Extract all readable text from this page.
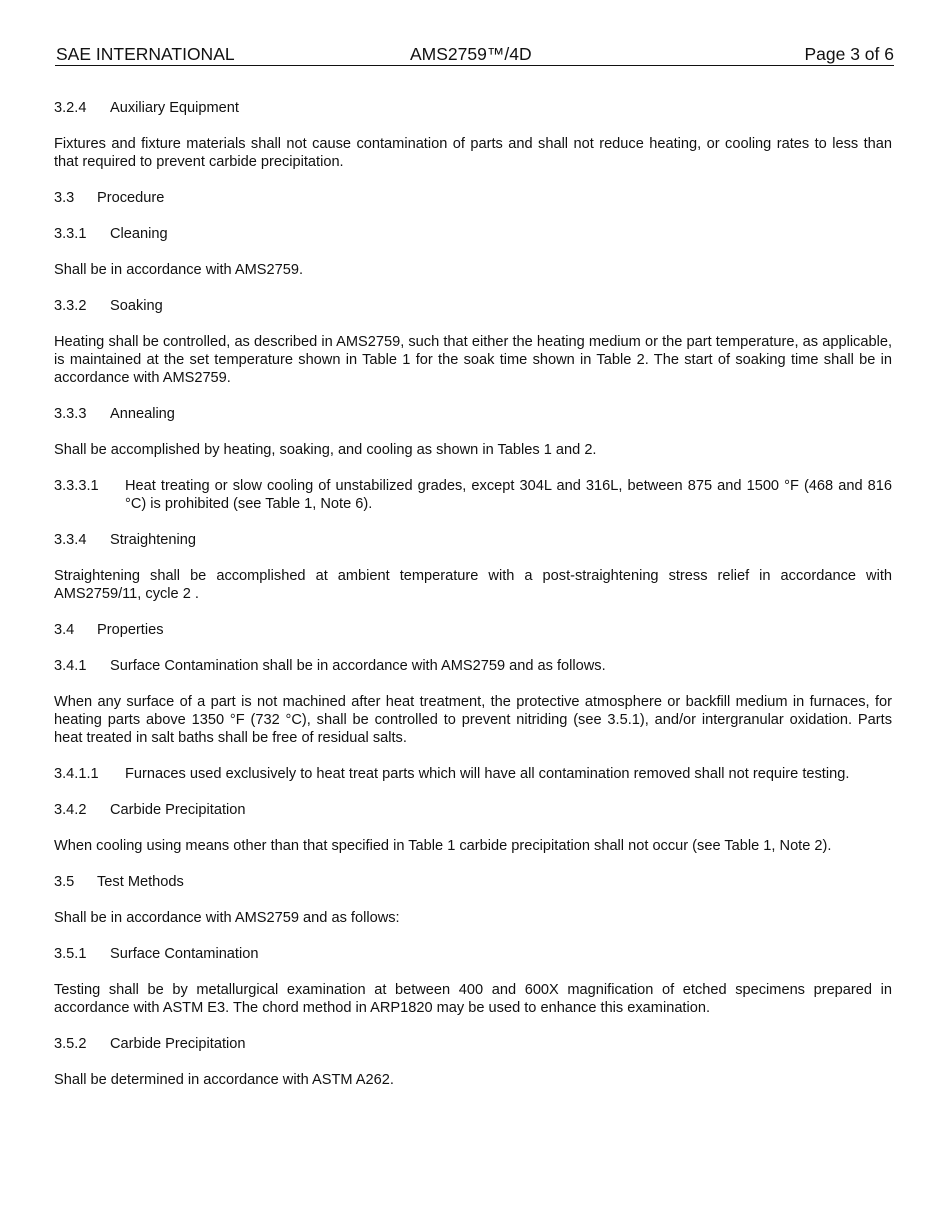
SAE INTERNATIONAL	AMS2759™/4D	Page 3 of 6
3.2.4 Auxiliary Equipment

Fixtures and fixture materials shall not cause contamination of parts and shall not reduce heating, or cooling rates to less than that required to prevent carbide precipitation.

3.3 Procedure
3.3.1 Cleaning

Shall be in accordance with AMS2759.

3.3.2 Soaking

Heating shall be controlled, as described in AMS2759, such that either the heating medium or the part temperature, as applicable, is maintained at the set temperature shown in Table 1 for the soak time shown in Table 2. The start of soaking time shall be in accordance with AMS2759.

3.3.3 Annealing

Shall be accomplished by heating, soaking, and cooling as shown in Tables 1 and 2.

3.3.3.1	Heat treating or slow cooling of unstabilized grades, except 304L and 316L, between 875 and 1500 °F (468 and 816 °C) is prohibited (see Table 1, Note 6).
3.3.4 Straightening

Straightening shall be accomplished at ambient temperature with a post-straightening stress relief in accordance with AMS2759/11, cycle 2 .

3.4 Properties
3.4.1 Surface Contamination shall be in accordance with AMS2759 and as follows.

When any surface of a part is not machined after heat treatment, the protective atmosphere or backfill medium in furnaces, for heating parts above 1350 °F (732 °C), shall be controlled to prevent nitriding (see 3.5.1), and/or intergranular oxidation. Parts heat treated in salt baths shall be free of residual salts.

3.4.1.1	Furnaces used exclusively to heat treat parts which will have all contamination removed shall not require testing.
3.4.2 Carbide Precipitation

When cooling using means other than that specified in Table 1 carbide precipitation shall not occur (see Table 1, Note 2).

3.5 Test Methods

Shall be in accordance with AMS2759 and as follows:

3.5.1 Surface Contamination

Testing shall be by metallurgical examination at between 400 and 600X magnification of etched specimens prepared in accordance with ASTM E3. The chord method in ARP1820 may be used to enhance this examination.

3.5.2 Carbide Precipitation

Shall be determined in accordance with ASTM A262.
